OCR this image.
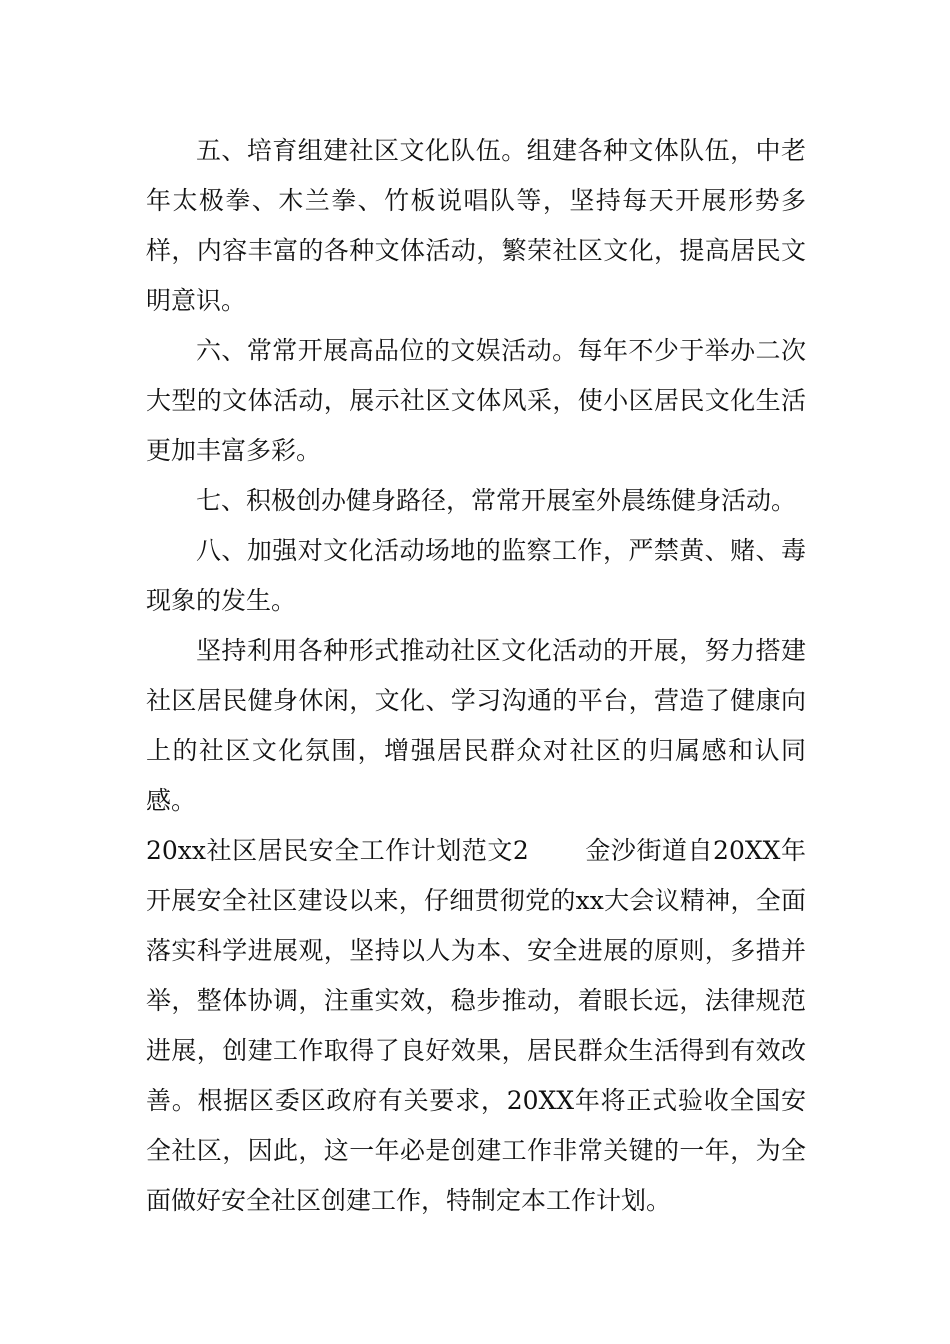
五、培育组建社区文化队伍。组建各种文体队伍，中老年太极拳、木兰拳、竹板说唱队等，坚持每天开展形势多样，内容丰富的各种文体活动，繁荣社区文化，提高居民文明意识。

六、常常开展高品位的文娱活动。每年不少于举办二次大型的文体活动，展示社区文体风采，使小区居民文化生活更加丰富多彩。

七、积极创办健身路径，常常开展室外晨练健身活动。

八、加强对文化活动场地的监察工作，严禁黄、赌、毒现象的发生。

坚持利用各种形式推动社区文化活动的开展，努力搭建社区居民健身休闲，文化、学习沟通的平台，营造了健康向上的社区文化氛围，增强居民群众对社区的归属感和认同感。

20xx社区居民安全工作计划范文2 金沙街道自20XX年开展安全社区建设以来，仔细贯彻党的xx大会议精神，全面落实科学进展观，坚持以人为本、安全进展的原则，多措并举，整体协调，注重实效，稳步推动，着眼长远，法律规范进展，创建工作取得了良好效果，居民群众生活得到有效改善。根据区委区政府有关要求，20XX年将正式验收全国安全社区，因此，这一年必是创建工作非常关键的一年，为全面做好安全社区创建工作，特制定本工作计划。
